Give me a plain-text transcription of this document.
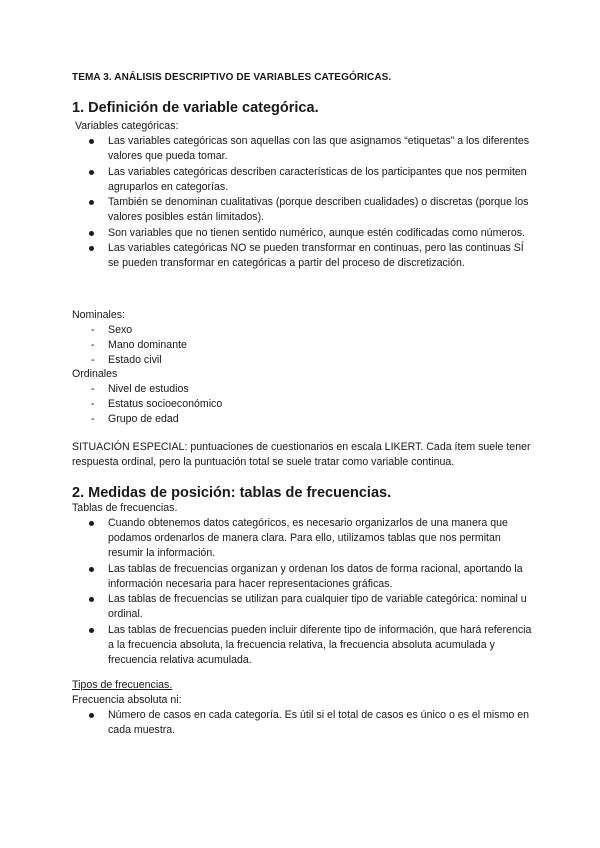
TEMA 3. ANÁLISIS DESCRIPTIVO DE VARIABLES CATEGÓRICAS.
1. Definición de variable categórica.
Variables categóricas:
Las variables categóricas son aquellas con las que asignamos “etiquetas” a los diferentes valores que pueda tomar.
Las variables categóricas describen características de los participantes que nos permiten agruparlos en categorías.
También se denominan cualitativas (porque describen cualidades) o discretas (porque los valores posibles están limitados).
Son variables que no tienen sentido numérico, aunque estén codificadas como números.
Las variables categóricas NO se pueden transformar en continuas, pero las continuas SÍ se pueden transformar en categóricas a partir del proceso de discretización.
Nominales:
- Sexo
- Mano dominante
- Estado civil
Ordinales
- Nivel de estudios
- Estatus socioeconómico
- Grupo de edad

SITUACIÓN ESPECIAL: puntuaciones de cuestionarios en escala LIKERT. Cada ítem suele tener respuesta ordinal, pero la puntuación total se suele tratar como variable continua.

2. Medidas de posición: tablas de frecuencias.
Tablas de frecuencias.
Cuando obtenemos datos categóricos, es necesario organizarlos de una manera que podamos ordenarlos de manera clara. Para ello, utilizamos tablas que nos permitan resumir la información.
Las tablas de frecuencias organizan y ordenan los datos de forma racional, aportando la información necesaria para hacer representaciones gráficas.
Las tablas de frecuencias se utilizan para cualquier tipo de variable categórica: nominal u ordinal.
Las tablas de frecuencias pueden incluir diferente tipo de información, que hará referencia a la frecuencia absoluta, la frecuencia relativa, la frecuencia absoluta acumulada y frecuencia relativa acumulada.
Tipos de frecuencias.
Frecuencia absoluta ni:
Número de casos en cada categoría. Es útil si el total de casos es único o es el mismo en cada muestra.
